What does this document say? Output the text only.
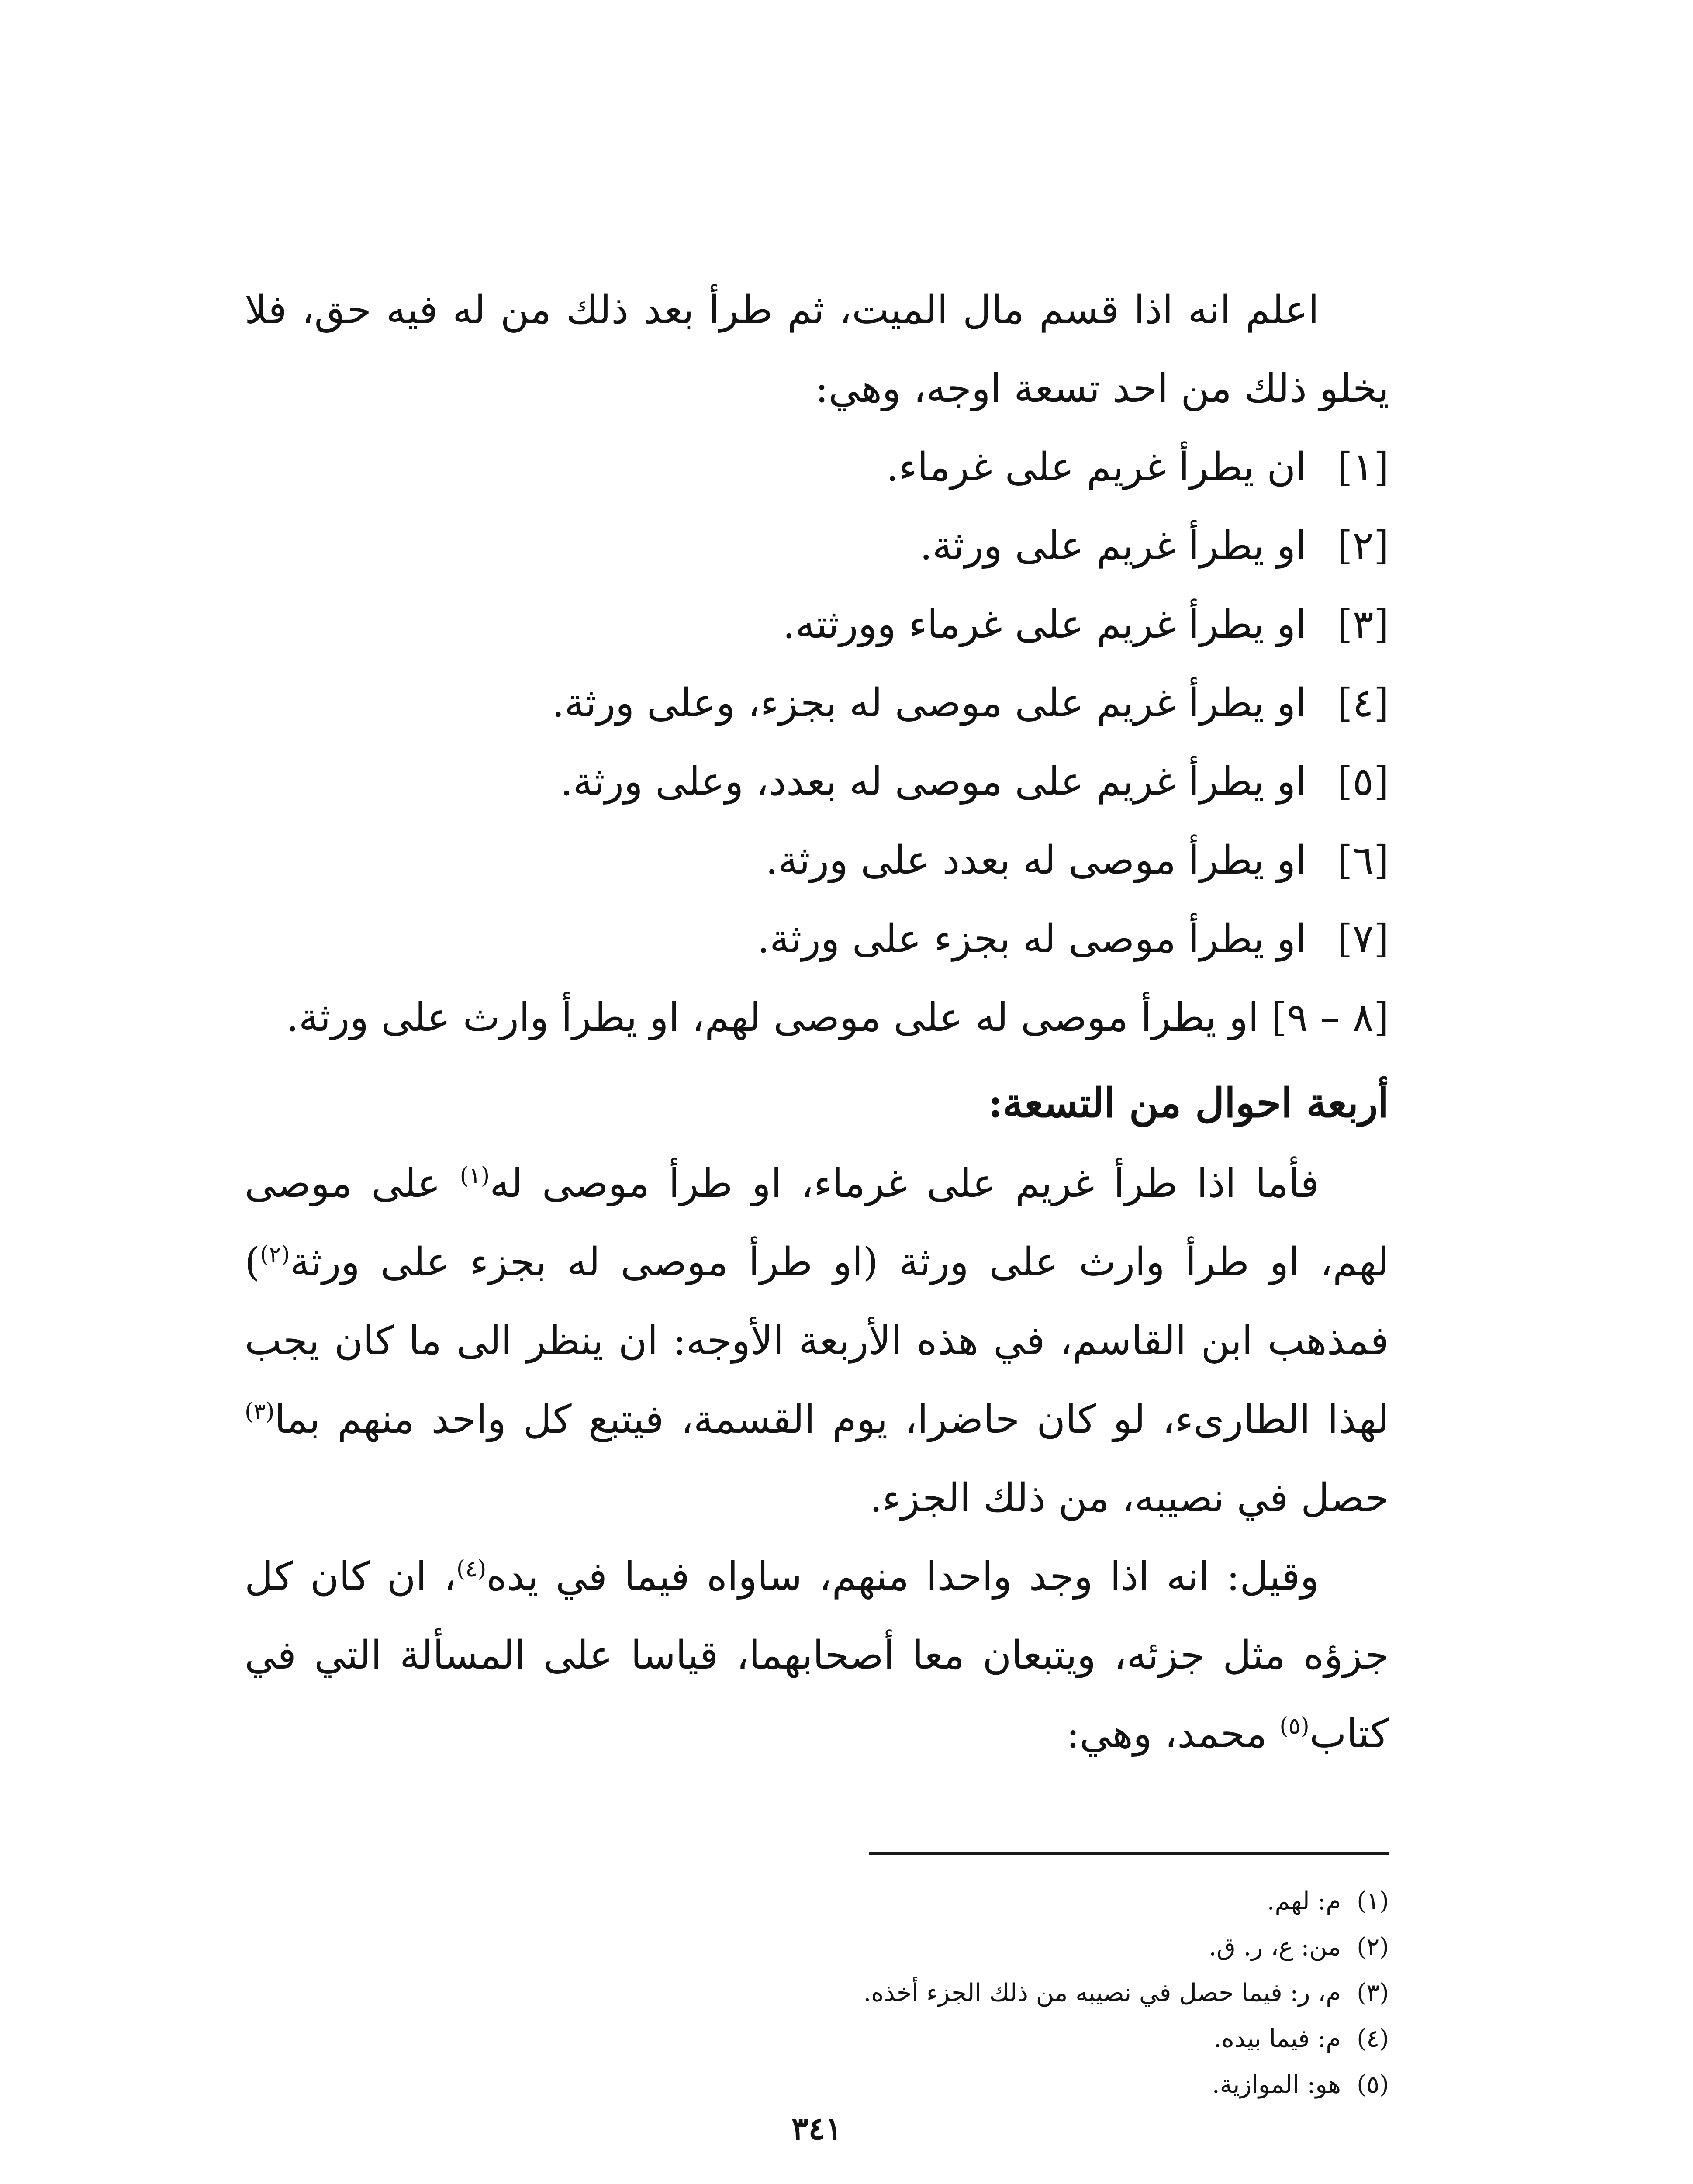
اعلم انه اذا قسم مال الميت، ثم طرأ بعد ذلك من له فيه حق، فلا يخلو ذلك من احد تسعة اوجه، وهي:

[١] ان يطرأ غريم على غرماء.

[٢] او يطرأ غريم على ورثة.

[٣] او يطرأ غريم على غرماء وورثته.

[٤] او يطرأ غريم على موصى له بجزء، وعلى ورثة.

[٥] او يطرأ غريم على موصى له بعدد، وعلى ورثة.

[٦] او يطرأ موصى له بعدد على ورثة.

[٧] او يطرأ موصى له بجزء على ورثة.

[٨ – ٩] او يطرأ موصى له على موصى لهم، او يطرأ وارث على ورثة.

أربعة احوال من التسعة:

فأما اذا طرأ غريم على غرماء، او طرأ موصى له$^{(١)}$ على موصى لهم، او طرأ وارث على ورثة (او طرأ موصى له بجزء على ورثة$^{(٢)}$) فمذهب ابن القاسم، في هذه الأربعة الأوجه: ان ينظر الى ما كان يجب لهذا الطارىء، لو كان حاضرا، يوم القسمة، فيتبع كل واحد منهم بما$^{(٣)}$ حصل في نصيبه، من ذلك الجزء.

وقيل: انه اذا وجد واحدا منهم، ساواه فيما في يده$^{(٤)}$، ان كان كل جزؤه مثل جزئه، ويتبعان معا أصحابهما، قياسا على المسألة التي في كتاب$^{(٥)}$ محمد، وهي:

(١)م: لهم.

(٢)من: ع، ر. ق.

(٣)م، ر: فيما حصل في نصيبه من ذلك الجزء أخذه.

(٤)م: فيما بيده.

(٥)هو: الموازية.

٣٤١
